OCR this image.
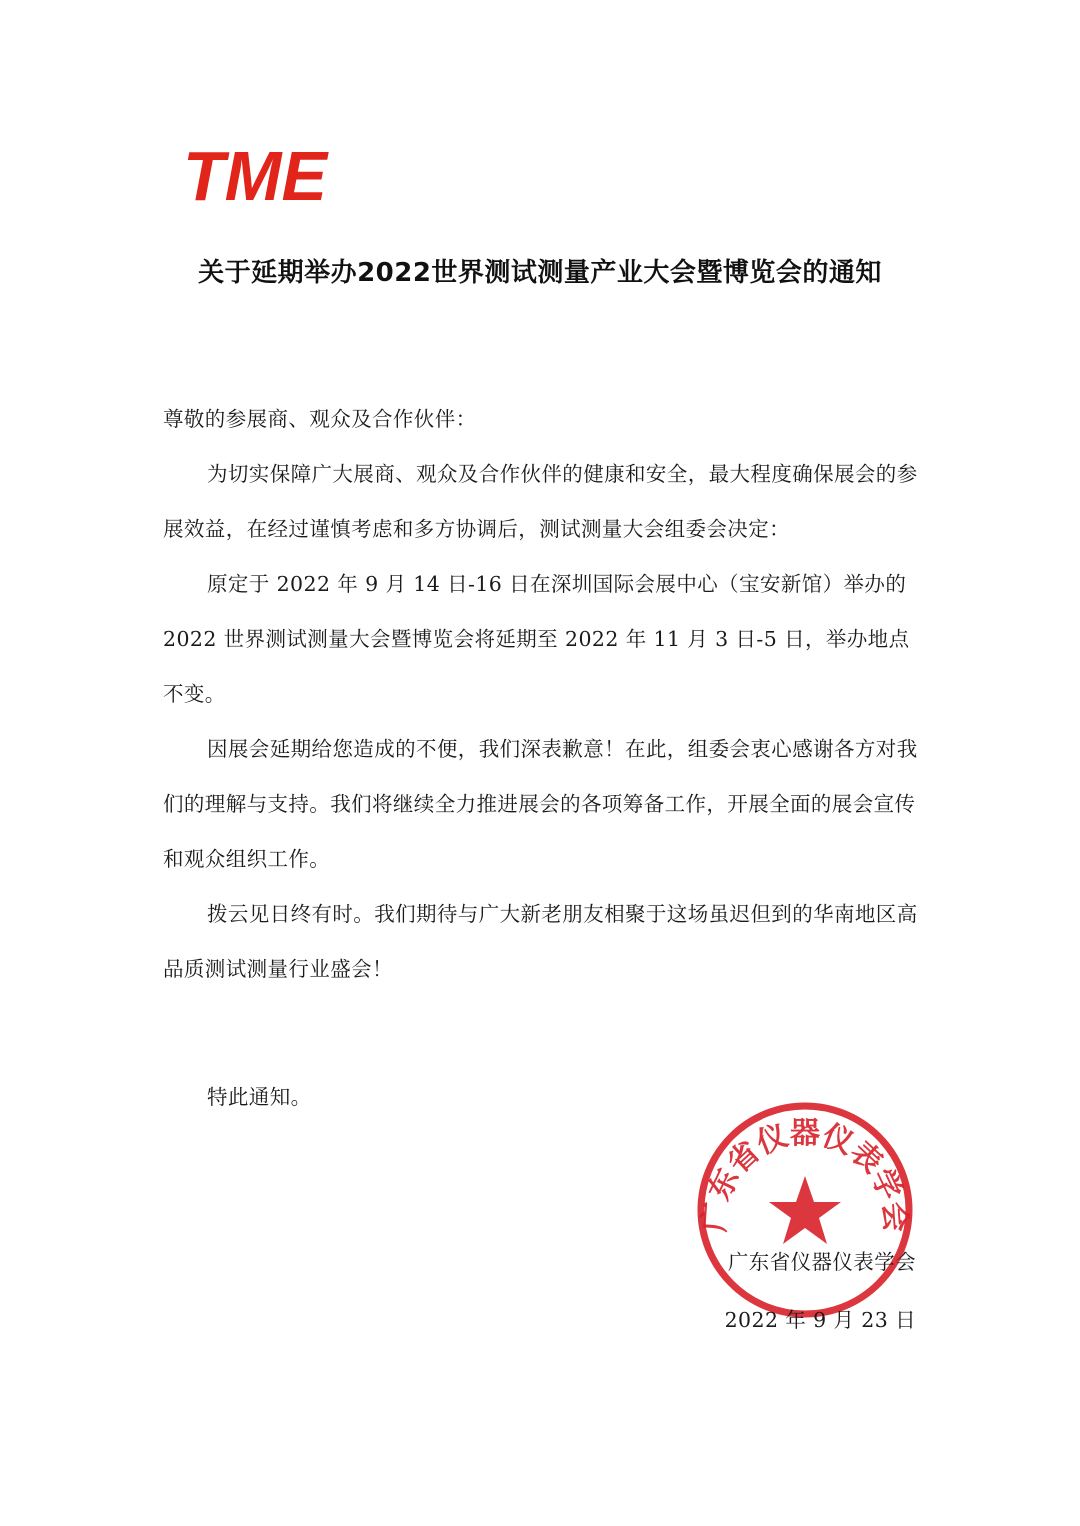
TME
关于延期举办2022世界测试测量产业大会暨博览会的通知

尊敬的参展商、观众及合作伙伴：

为切实保障广大展商、观众及合作伙伴的健康和安全，最大程度确保展会的参展效益，在经过谨慎考虑和多方协调后，测试测量大会组委会决定：

原定于 2022 年 9 月 14 日-16 日在深圳国际会展中心（宝安新馆）举办的 2022 世界测试测量大会暨博览会将延期至 2022 年 11 月 3 日-5 日，举办地点不变。

因展会延期给您造成的不便，我们深表歉意！在此，组委会衷心感谢各方对我们的理解与支持。我们将继续全力推进展会的各项筹备工作，开展全面的展会宣传和观众组织工作。

拨云见日终有时。我们期待与广大新老朋友相聚于这场虽迟但到的华南地区高品质测试测量行业盛会！

特此通知。
广东省仪器仪表学会
广东省仪器仪表学会
2022 年 9 月 23 日
